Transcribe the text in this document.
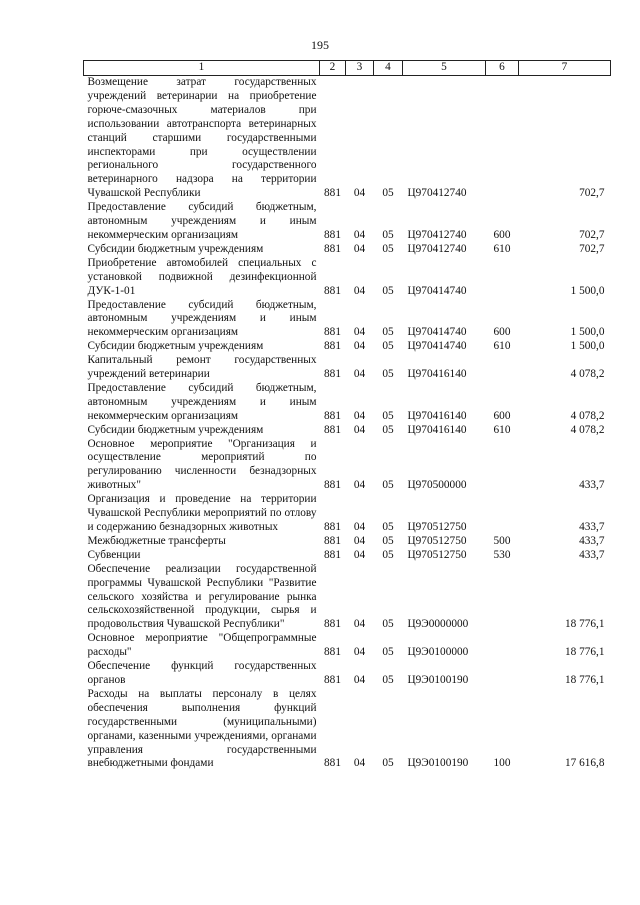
195
1	2	3	4	5	6	7
Возмещение затрат государственных учреждений ветеринарии на приобретение горюче-смазочных материалов при использовании автотранспорта ветеринарных станций старшими государственными инспекторами при осуществлении регионального государственного ветеринарного надзора на территории Чувашской Республики	881	04	05	Ц970412740		702,7
Предоставление субсидий бюджетным, автономным учреждениям и иным некоммерческим организациям	881	04	05	Ц970412740	600	702,7
Субсидии бюджетным учреждениям	881	04	05	Ц970412740	610	702,7
Приобретение автомобилей специальных с установкой подвижной дезинфекционной ДУК-1-01	881	04	05	Ц970414740		1 500,0
Предоставление субсидий бюджетным, автономным учреждениям и иным некоммерческим организациям	881	04	05	Ц970414740	600	1 500,0
Субсидии бюджетным учреждениям	881	04	05	Ц970414740	610	1 500,0
Капитальный ремонт государственных учреждений ветеринарии	881	04	05	Ц970416140		4 078,2
Предоставление субсидий бюджетным, автономным учреждениям и иным некоммерческим организациям	881	04	05	Ц970416140	600	4 078,2
Субсидии бюджетным учреждениям	881	04	05	Ц970416140	610	4 078,2
Основное мероприятие "Организация и осуществление мероприятий по регулированию численности безнадзорных животных"	881	04	05	Ц970500000		433,7
Организация и проведение на территории Чувашской Республики мероприятий по отлову и содержанию безнадзорных животных	881	04	05	Ц970512750		433,7
Межбюджетные трансферты	881	04	05	Ц970512750	500	433,7
Субвенции	881	04	05	Ц970512750	530	433,7
Обеспечение реализации государственной программы Чувашской Республики "Развитие сельского хозяйства и регулирование рынка сельскохозяйственной продукции, сырья и продовольствия Чувашской Республики"	881	04	05	Ц9Э0000000		18 776,1
Основное мероприятие "Общепрограммные расходы"	881	04	05	Ц9Э0100000		18 776,1
Обеспечение функций государственных органов	881	04	05	Ц9Э0100190		18 776,1
Расходы на выплаты персоналу в целях обеспечения выполнения функций государственными (муниципальными) органами, казенными учреждениями, органами управления государственными внебюджетными фондами	881	04	05	Ц9Э0100190	100	17 616,8
